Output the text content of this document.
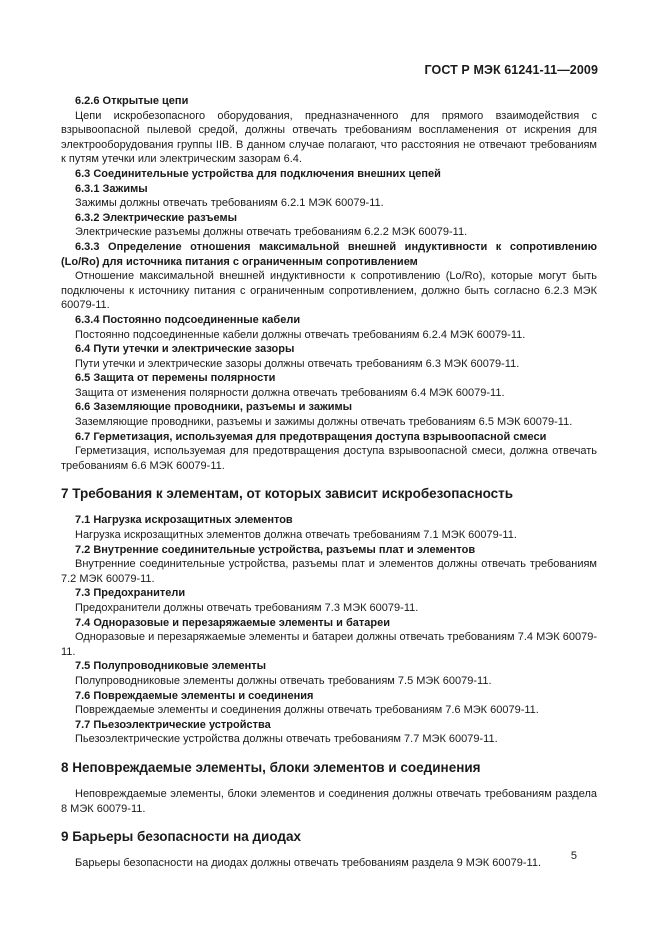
ГОСТ Р МЭК 61241-11—2009
6.2.6 Открытые цепи
Цепи искробезопасного оборудования, предназначенного для прямого взаимодействия с взрывоопасной пылевой средой, должны отвечать требованиям воспламенения от искрения для электрооборудования группы IIB. В данном случае полагают, что расстояния не отвечают требованиям к путям утечки или электрическим зазорам 6.4.
6.3 Соединительные устройства для подключения внешних цепей
6.3.1 Зажимы
Зажимы должны отвечать требованиям 6.2.1 МЭК 60079-11.
6.3.2 Электрические разъемы
Электрические разъемы должны отвечать требованиям 6.2.2 МЭК 60079-11.
6.3.3 Определение отношения максимальной внешней индуктивности к сопротивлению (Lo/Ro) для источника питания с ограниченным сопротивлением
Отношение максимальной внешней индуктивности к сопротивлению (Lo/Ro), которые могут быть подключены к источнику питания с ограниченным сопротивлением, должно быть согласно 6.2.3 МЭК 60079-11.
6.3.4 Постоянно подсоединенные кабели
Постоянно подсоединенные кабели должны отвечать требованиям 6.2.4 МЭК 60079-11.
6.4 Пути утечки и электрические зазоры
Пути утечки и электрические зазоры должны отвечать требованиям 6.3 МЭК 60079-11.
6.5 Защита от перемены полярности
Защита от изменения полярности должна отвечать требованиям 6.4 МЭК 60079-11.
6.6 Заземляющие проводники, разъемы и зажимы
Заземляющие проводники, разъемы и зажимы должны отвечать требованиям 6.5 МЭК 60079-11.
6.7 Герметизация, используемая для предотвращения доступа взрывоопасной смеси
Герметизация, используемая для предотвращения доступа взрывоопасной смеси, должна отвечать требованиям 6.6 МЭК 60079-11.
7 Требования к элементам, от которых зависит искробезопасность
7.1 Нагрузка искрозащитных элементов
Нагрузка искрозащитных элементов должна отвечать требованиям 7.1 МЭК 60079-11.
7.2 Внутренние соединительные устройства, разъемы плат и элементов
Внутренние соединительные устройства, разъемы плат и элементов должны отвечать требованиям 7.2 МЭК 60079-11.
7.3 Предохранители
Предохранители должны отвечать требованиям 7.3 МЭК 60079-11.
7.4 Одноразовые и перезаряжаемые элементы и батареи
Одноразовые и перезаряжаемые элементы и батареи должны отвечать требованиям 7.4 МЭК 60079-11.
7.5 Полупроводниковые элементы
Полупроводниковые элементы должны отвечать требованиям 7.5 МЭК 60079-11.
7.6 Повреждаемые элементы и соединения
Повреждаемые элементы и соединения должны отвечать требованиям 7.6 МЭК 60079-11.
7.7 Пьезоэлектрические устройства
Пьезоэлектрические устройства должны отвечать требованиям 7.7 МЭК 60079-11.
8 Неповреждаемые элементы, блоки элементов и соединения
Неповреждаемые элементы, блоки элементов и соединения должны отвечать требованиям раздела 8 МЭК 60079-11.
9 Барьеры безопасности на диодах
Барьеры безопасности на диодах должны отвечать требованиям раздела 9 МЭК 60079-11.
5
